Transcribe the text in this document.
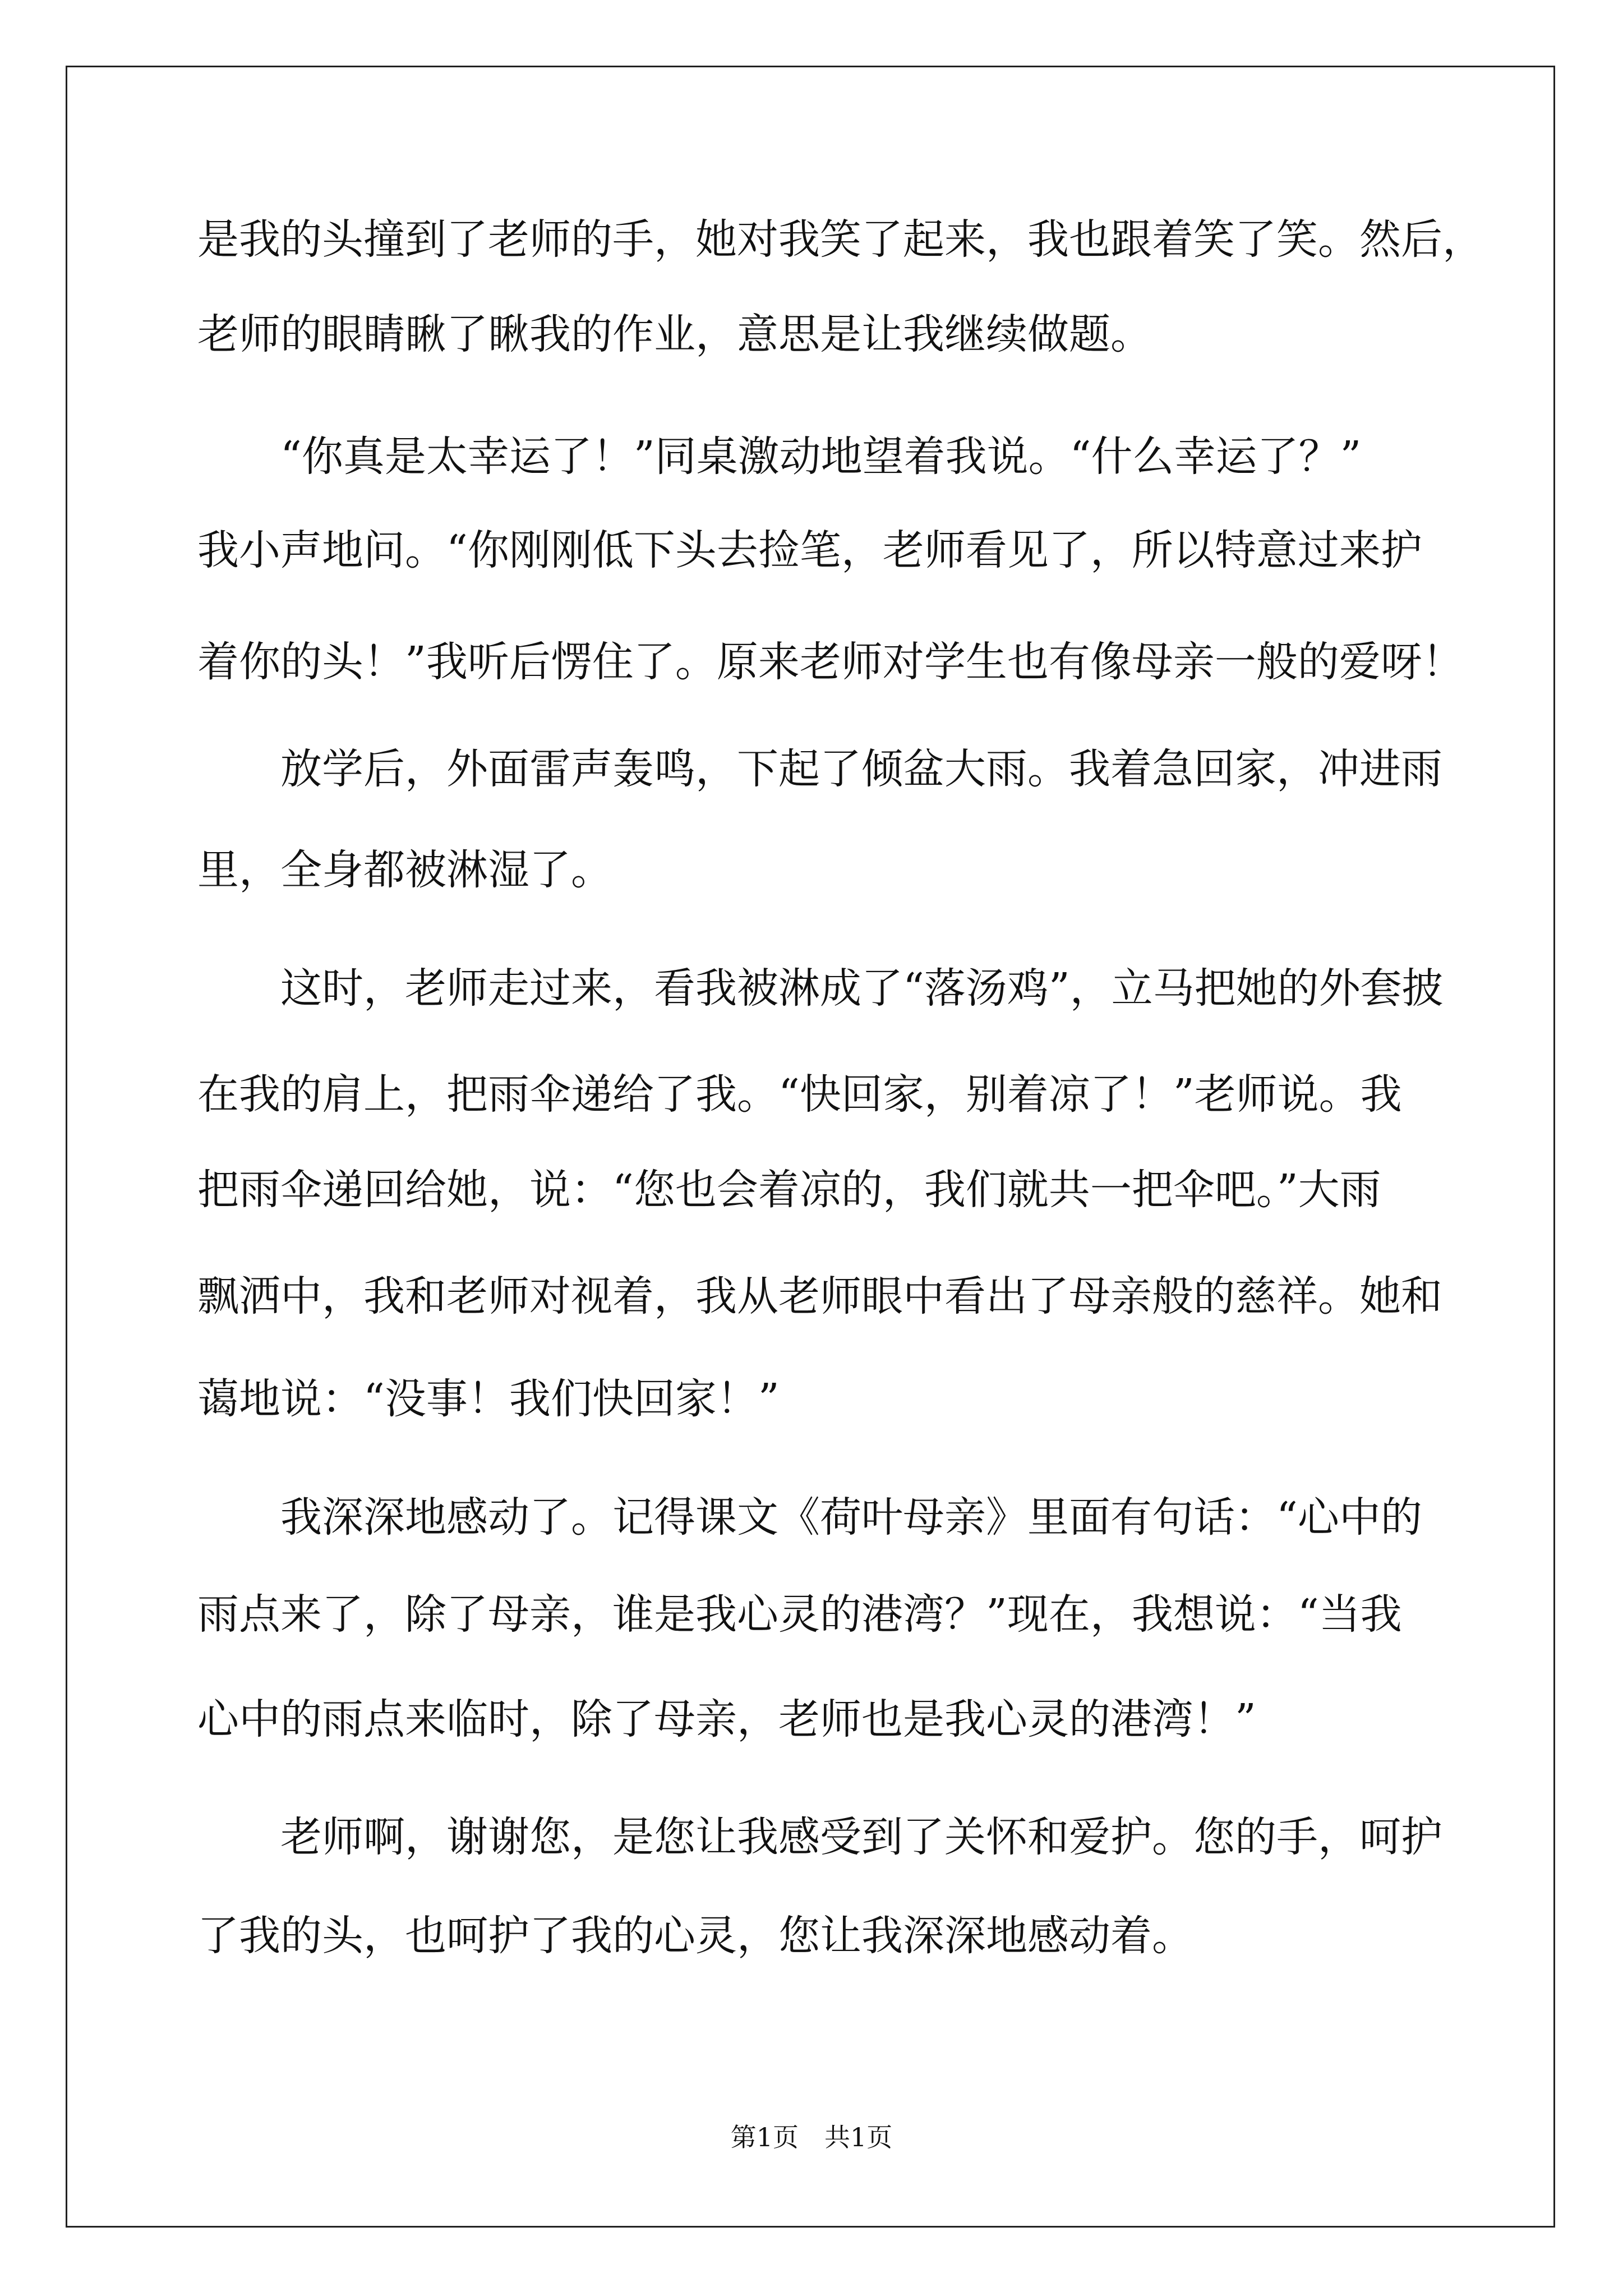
是我的头撞到了老师的手，她对我笑了起来，我也跟着笑了笑。然后，
老师的眼睛瞅了瞅我的作业，意思是让我继续做题。
“你真是太幸运了！”同桌激动地望着我说。“什么幸运了？”
我小声地问。“你刚刚低下头去捡笔，老师看见了，所以特意过来护
着你的头！”我听后愣住了。原来老师对学生也有像母亲一般的爱呀！
放学后，外面雷声轰鸣，下起了倾盆大雨。我着急回家，冲进雨
里，全身都被淋湿了。
这时，老师走过来，看我被淋成了“落汤鸡”，立马把她的外套披
在我的肩上，把雨伞递给了我。“快回家，别着凉了！”老师说。我
把雨伞递回给她，说：“您也会着凉的，我们就共一把伞吧。”大雨
飘洒中，我和老师对视着，我从老师眼中看出了母亲般的慈祥。她和
蔼地说：“没事！我们快回家！”
我深深地感动了。记得课文《荷叶母亲》里面有句话：“心中的
雨点来了，除了母亲，谁是我心灵的港湾？”现在，我想说：“当我
心中的雨点来临时，除了母亲，老师也是我心灵的港湾！”
老师啊，谢谢您，是您让我感受到了关怀和爱护。您的手，呵护
了我的头，也呵护了我的心灵，您让我深深地感动着。
第1页　共1页
